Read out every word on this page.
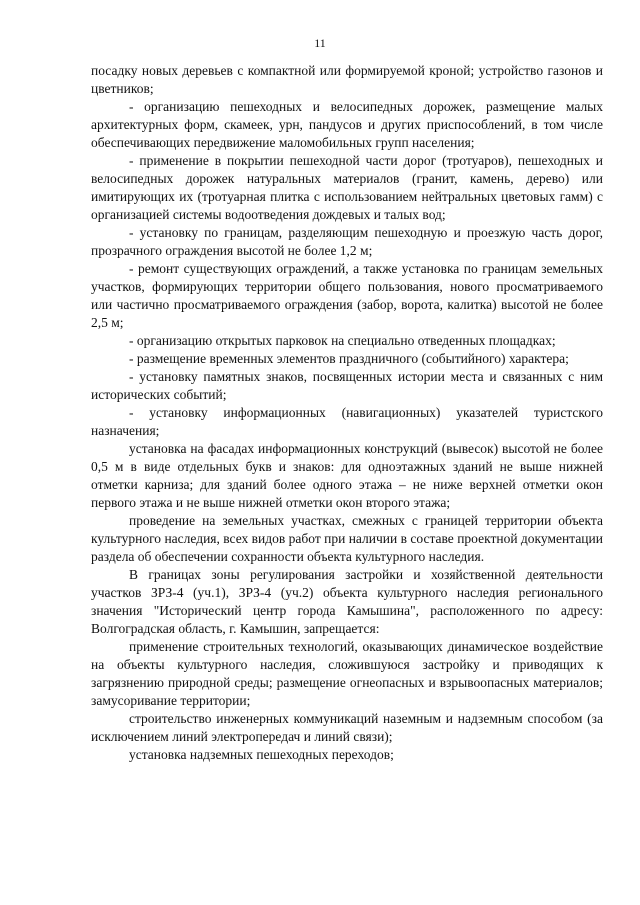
11

посадку новых деревьев с компактной или формируемой кроной; устройство газонов и цветников;

- организацию пешеходных и велосипедных дорожек, размещение малых архитектурных форм, скамеек, урн, пандусов и других приспособлений, в том числе обеспечивающих передвижение маломобильных групп населения;

- применение в покрытии пешеходной части дорог (тротуаров), пешеходных и велосипедных дорожек натуральных материалов (гранит, камень, дерево) или имитирующих их (тротуарная плитка с использованием нейтральных цветовых гамм) с организацией системы водоотведения дождевых и талых вод;

- установку по границам, разделяющим пешеходную и проезжую часть дорог, прозрачного ограждения высотой не более 1,2 м;

- ремонт существующих ограждений, а также установка по границам земельных участков, формирующих территории общего пользования, нового просматриваемого или частично просматриваемого ограждения (забор, ворота, калитка) высотой не более 2,5 м;

- организацию открытых парковок на специально отведенных площадках;

- размещение временных элементов праздничного (событийного) характера;

- установку памятных знаков, посвященных истории места и связанных с ним исторических событий;

- установку информационных (навигационных) указателей туристского назначения;

установка на фасадах информационных конструкций (вывесок) высотой не более 0,5 м в виде отдельных букв и знаков: для одноэтажных зданий не выше нижней отметки карниза; для зданий более одного этажа – не ниже верхней отметки окон первого этажа и не выше нижней отметки окон второго этажа;

проведение на земельных участках, смежных с границей территории объекта культурного наследия, всех видов работ при наличии в составе проектной документации раздела об обеспечении сохранности объекта культурного наследия.

В границах зоны регулирования застройки и хозяйственной деятельности участков ЗРЗ-4 (уч.1), ЗРЗ-4 (уч.2) объекта культурного наследия регионального значения "Исторический центр города Камышина", расположенного по адресу: Волгоградская область, г. Камышин, запрещается:

применение строительных технологий, оказывающих динамическое воздействие на объекты культурного наследия, сложившуюся застройку и приводящих к загрязнению природной среды; размещение огнеопасных и взрывоопасных материалов; замусоривание территории;

строительство инженерных коммуникаций наземным и надземным способом (за исключением линий электропередач и линий связи);

установка надземных пешеходных переходов;
